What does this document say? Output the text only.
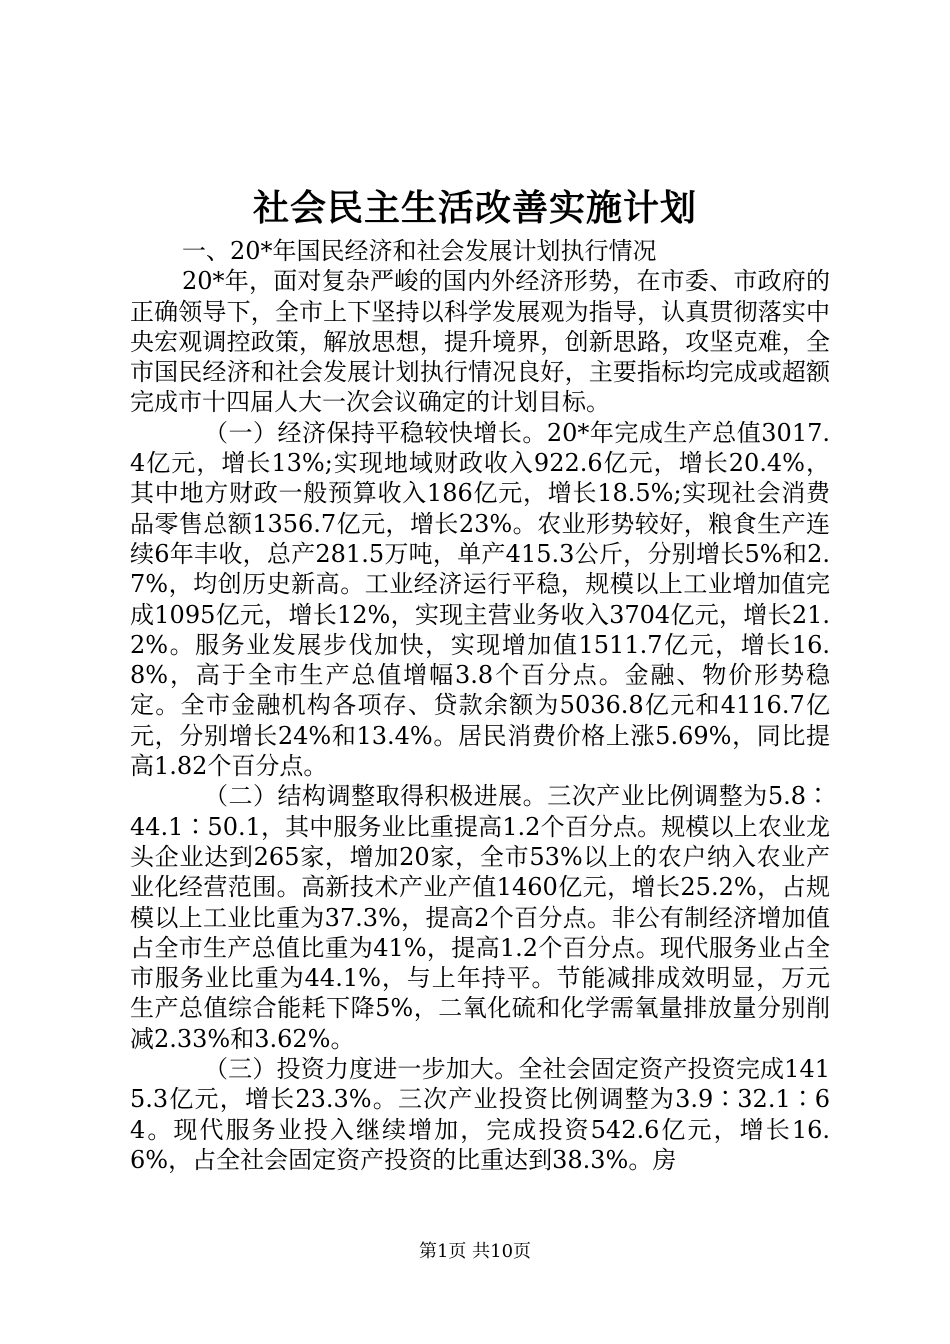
社会民主生活改善实施计划

一、20*年国民经济和社会发展计划执行情况

20*年，面对复杂严峻的国内外经济形势，在市委、市政府的正确领导下，全市上下坚持以科学发展观为指导，认真贯彻落实中央宏观调控政策，解放思想，提升境界，创新思路，攻坚克难，全市国民经济和社会发展计划执行情况良好，主要指标均完成或超额完成市十四届人大一次会议确定的计划目标。

（一）经济保持平稳较快增长。20*年完成生产总值3017.4亿元，增长13%;实现地域财政收入922.6亿元，增长20.4%，其中地方财政一般预算收入186亿元，增长18.5%;实现社会消费品零售总额1356.7亿元，增长23%。农业形势较好，粮食生产连续6年丰收，总产281.5万吨，单产415.3公斤，分别增长5%和2.7%，均创历史新高。工业经济运行平稳，规模以上工业增加值完成1095亿元，增长12%，实现主营业务收入3704亿元，增长21.2%。服务业发展步伐加快，实现增加值1511.7亿元，增长16.8%，高于全市生产总值增幅3.8个百分点。金融、物价形势稳定。全市金融机构各项存、贷款余额为5036.8亿元和4116.7亿元，分别增长24%和13.4%。居民消费价格上涨5.69%，同比提高1.82个百分点。

（二）结构调整取得积极进展。三次产业比例调整为5.8∶44.1∶50.1，其中服务业比重提高1.2个百分点。规模以上农业龙头企业达到265家，增加20家，全市53%以上的农户纳入农业产业化经营范围。高新技术产业产值1460亿元，增长25.2%，占规模以上工业比重为37.3%，提高2个百分点。非公有制经济增加值占全市生产总值比重为41%，提高1.2个百分点。现代服务业占全市服务业比重为44.1%，与上年持平。节能减排成效明显，万元生产总值综合能耗下降5%，二氧化硫和化学需氧量排放量分别削减2.33%和3.62%。

（三）投资力度进一步加大。全社会固定资产投资完成1415.3亿元，增长23.3%。三次产业投资比例调整为3.9∶32.1∶64。现代服务业投入继续增加，完成投资542.6亿元，增长16.6%，占全社会固定资产投资的比重达到38.3%。房

第1页 共10页
